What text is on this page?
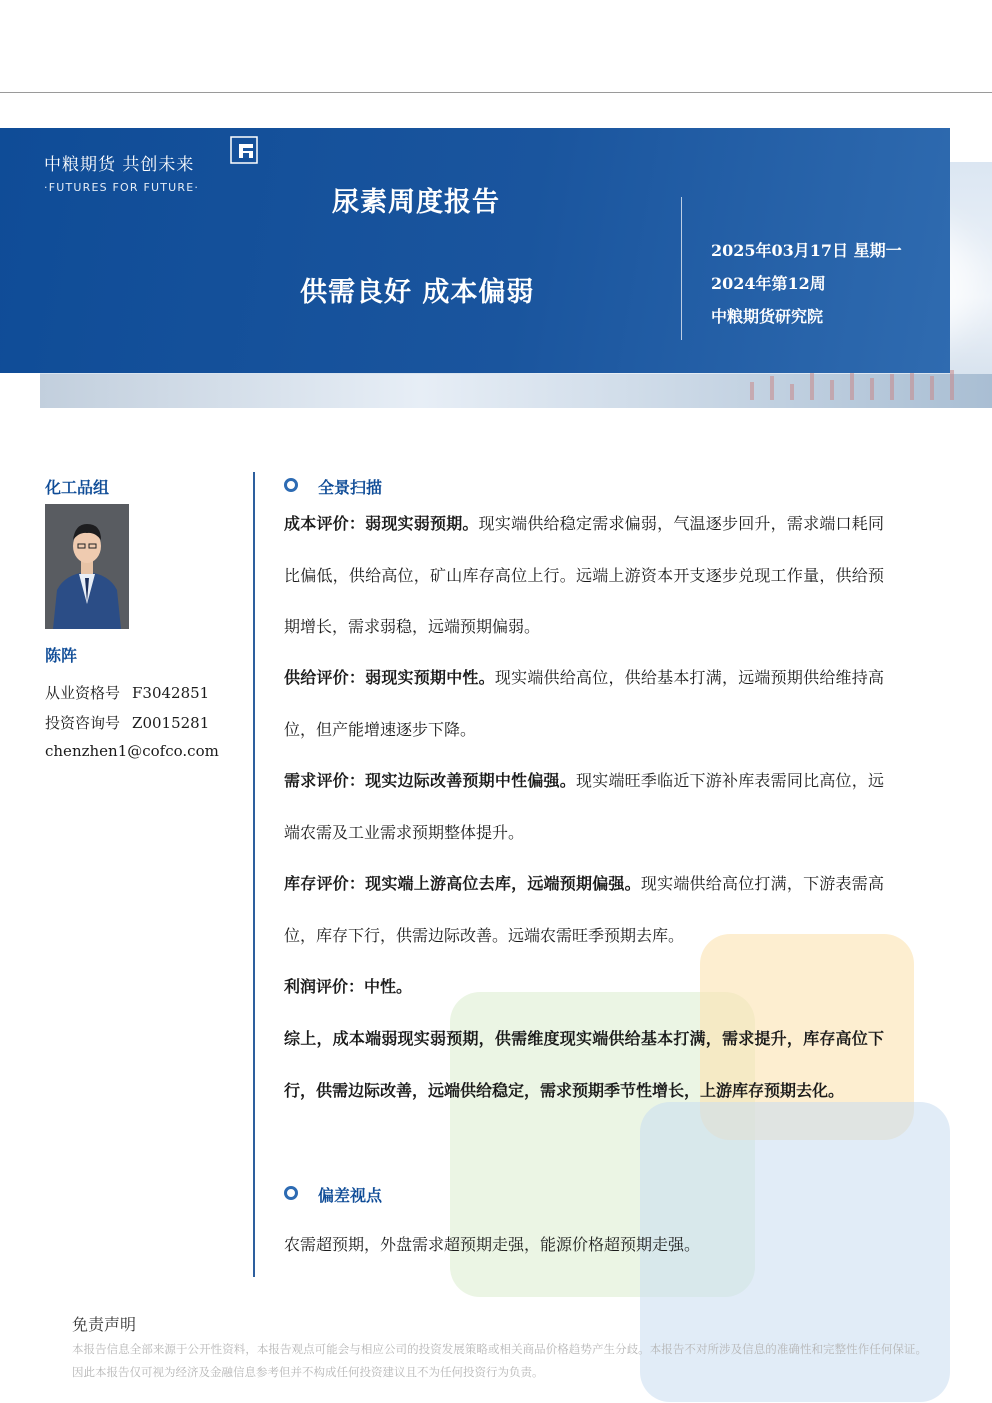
中粮期货 共创未来
·FUTURES FOR FUTURE·	尿素周度报告
供需良好 成本偏弱
2025年03月17日 星期一
2024年第12周
中粮期货研究院
化工品组
陈阵
从业资格号 F3042851
投资咨询号 Z0015281
chenzhen1@cofco.com
全景扫描
成本评价：弱现实弱预期。现实端供给稳定需求偏弱，气温逐步回升，需求端口耗同比偏低，供给高位，矿山库存高位上行。远端上游资本开支逐步兑现工作量，供给预期增长，需求弱稳，远端预期偏弱。
供给评价：弱现实预期中性。现实端供给高位，供给基本打满，远端预期供给维持高位，但产能增速逐步下降。
需求评价：现实边际改善预期中性偏强。现实端旺季临近下游补库表需同比高位，远端农需及工业需求预期整体提升。
库存评价：现实端上游高位去库，远端预期偏强。现实端供给高位打满，下游表需高位，库存下行，供需边际改善。远端农需旺季预期去库。
利润评价：中性。
综上，成本端弱现实弱预期，供需维度现实端供给基本打满，需求提升，库存高位下行，供需边际改善，远端供给稳定，需求预期季节性增长，上游库存预期去化。
偏差视点
农需超预期，外盘需求超预期走强，能源价格超预期走强。
免责声明
本报告信息全部来源于公开性资料，本报告观点可能会与相应公司的投资发展策略或相关商品价格趋势产生分歧。本报告不对所涉及信息的准确性和完整性作任何保证。因此本报告仅可视为经济及金融信息参考但并不构成任何投资建议且不为任何投资行为负责。
